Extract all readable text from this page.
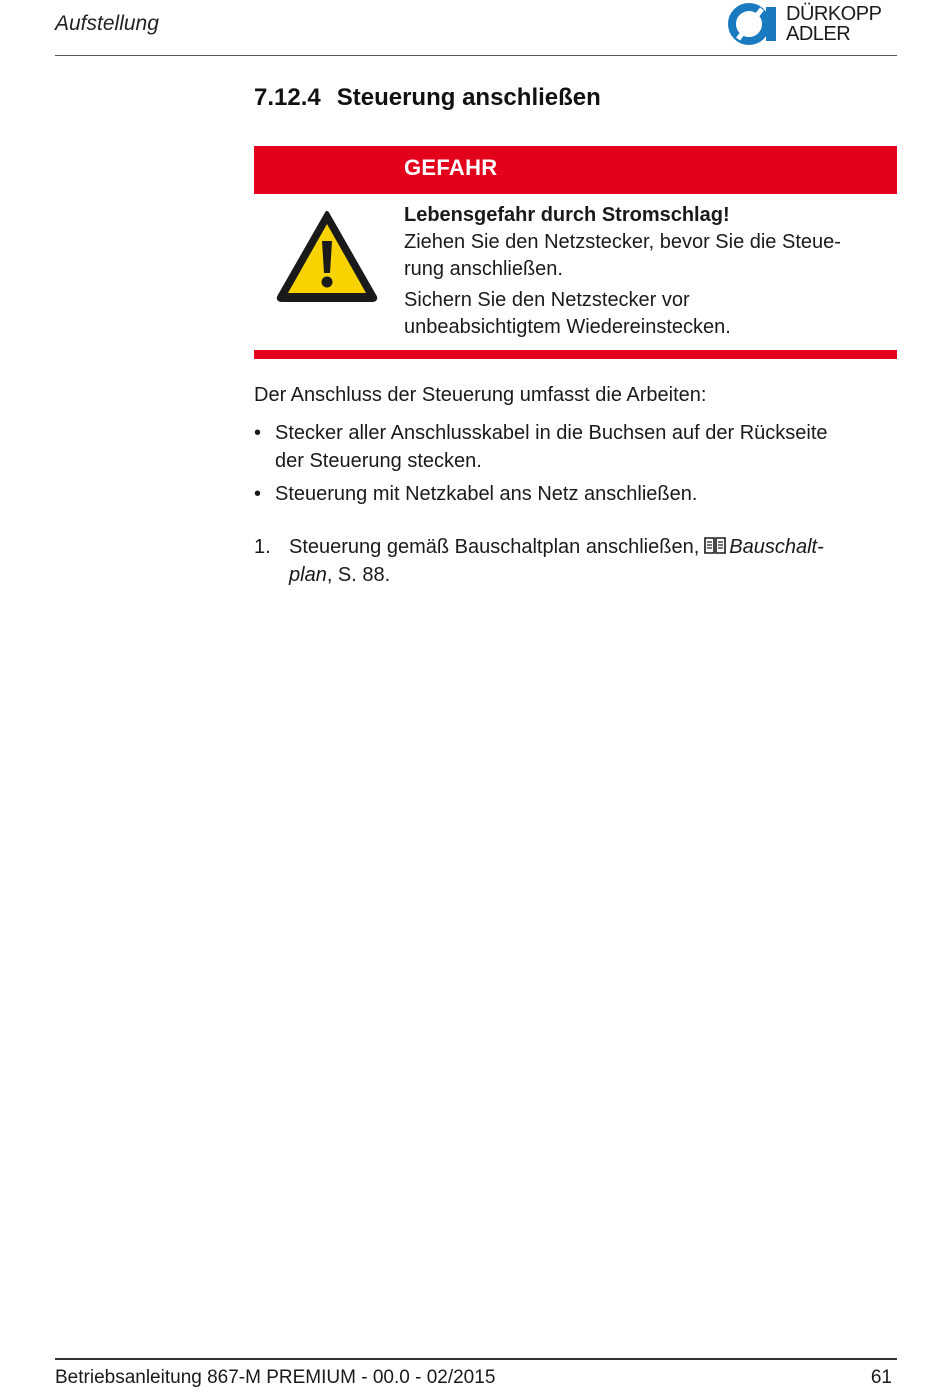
Aufstellung	DÜRKOPP
ADLER
7.12.4 Steuerung anschließen
GEFAHR

Lebensgefahr durch Stromschlag!

Ziehen Sie den Netzstecker, bevor Sie die Steue-

rung anschließen.

Sichern Sie den Netzstecker vor

unbeabsichtigtem Wiedereinstecken.

Der Anschluss der Steuerung umfasst die Arbeiten:

• Stecker aller Anschlusskabel in die Buchsen auf der Rückseite
der Steuerung stecken.
• Steuerung mit Netzkabel ans Netz anschließen.
1. Steuerung gemäß Bauschaltplan anschließen, Bauschalt-
plan, S. 88.
Betriebsanleitung 867-M PREMIUM - 00.0 - 02/2015	61
